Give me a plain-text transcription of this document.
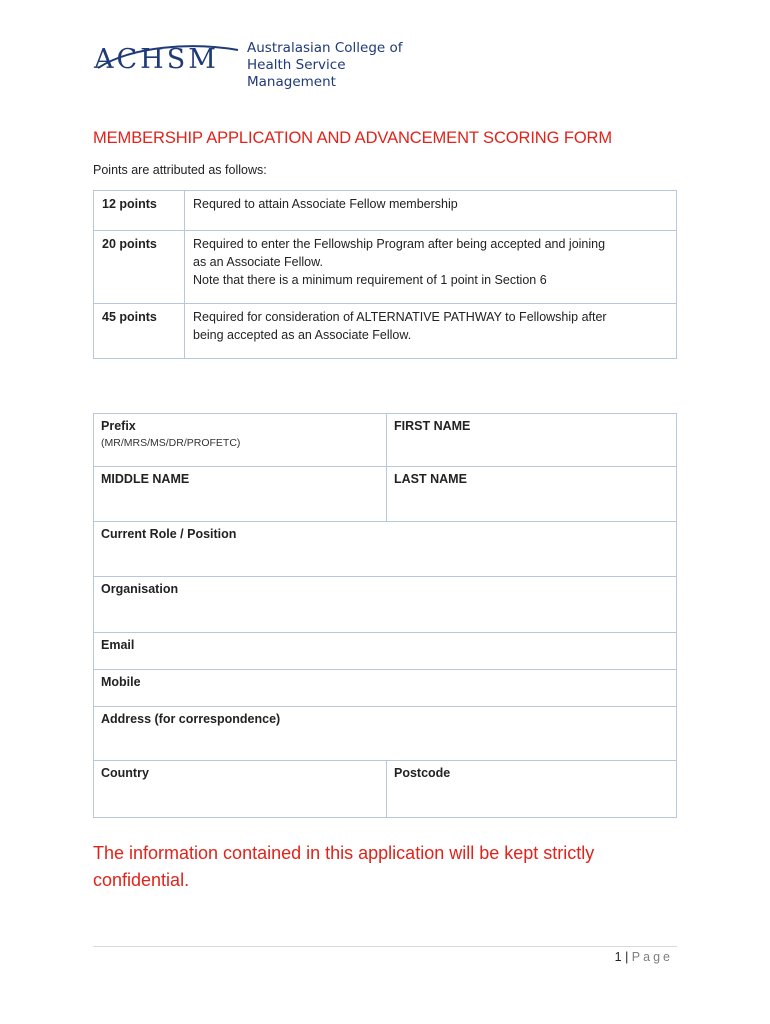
ACHSM Australasian College of
Health Service Management
MEMBERSHIP APPLICATION AND ADVANCEMENT SCORING FORM
Points are attributed as follows:
12 points	Requred to attain Associate Fellow membership

20 points	Required to enter the Fellowship Program after being accepted and joining
as an Associate Fellow.
Note that there is a minimum requirement of 1 point in Section 6

45 points	Required for consideration of ALTERNATIVE PATHWAY to Fellowship after
being accepted as an Associate Fellow.
Prefix
(MR/MRS/MS/DR/PROFETC)	FIRST NAME
MIDDLE NAME	LAST NAME
Current Role / Position	
Organisation	
Email	
Mobile	
Address (for correspondence)	
Country	Postcode
The information contained in this application will be kept strictly confidential.
1 | Page
